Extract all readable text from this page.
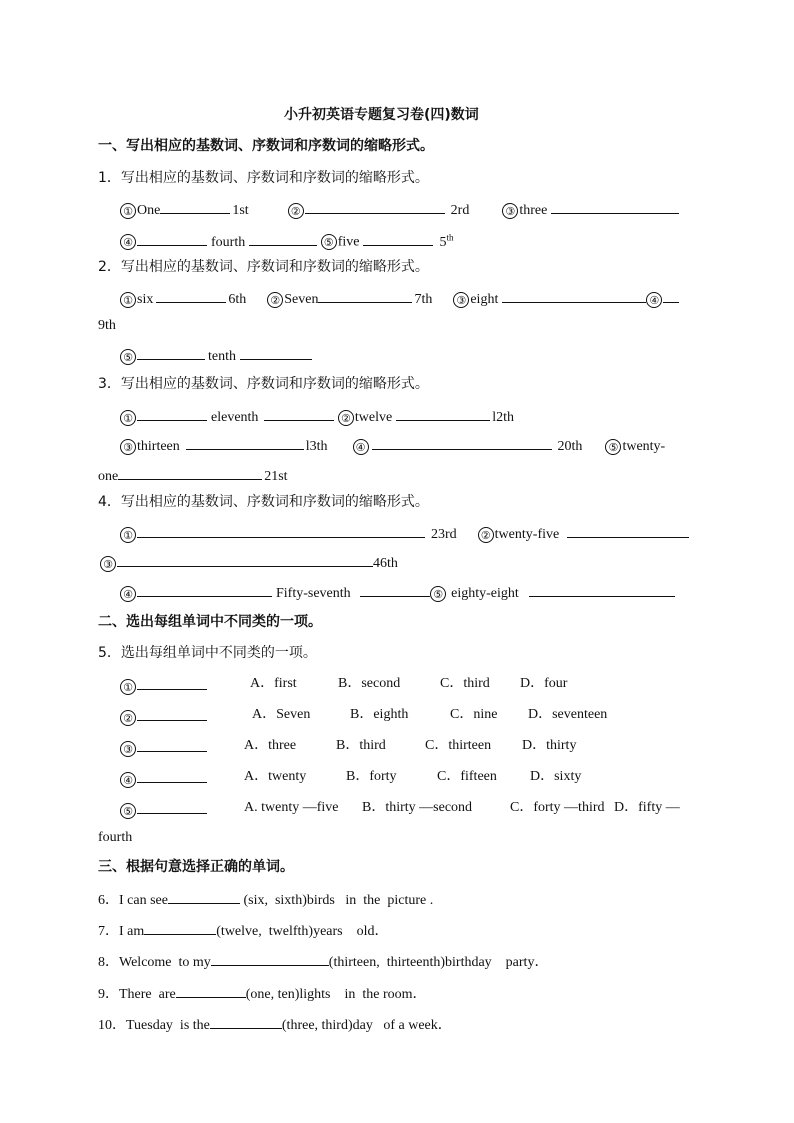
小升初英语专题复习卷(四)数词
一、写出相应的基数词、序数词和序数词的缩略形式。
1．写出相应的基数词、序数词和序数词的缩略形式。
① One	1st	②	2rd	③ three
④	fourth	⑤ five	5th
2．写出相应的基数词、序数词和序数词的缩略形式。
① six	6th ② Seven	7th ③ eight	④
9th
⑤	tenth
3．写出相应的基数词、序数词和序数词的缩略形式。
①	eleventh	② twelve	l2th
③ thirteen	l3th	④	20th ⑤ twenty-
one	21st
4．写出相应的基数词、序数词和序数词的缩略形式。
①	23rd ② twenty-five
③	46th
④	Fifty-seventh	⑤ eighty-eight
二、选出每组单词中不同类的一项。
5．选出每组单词中不同类的一项。
①	A．first	B．second	C．third D．four
②	A．Seven	B．eighth	C．nine D．seventeen
③	A．three	B．third	C．thirteen D．thirty
④	A．twenty	B．forty	C．fifteen D．sixty
⑤	A. twenty —five B．thirty —second	C．forty —third D．fifty —
fourth
三、根据句意选择正确的单词。
6．I can see	(six,  sixth)birds   in  the  picture .
7．I am	(twelve,  twelfth)years    old．
8．Welcome  to my	(thirteen,  thirteenth)birthday    party．
9．There  are	(one, ten)lights    in  the room．
10．Tuesday  is the	(three, third)day   of a week．
